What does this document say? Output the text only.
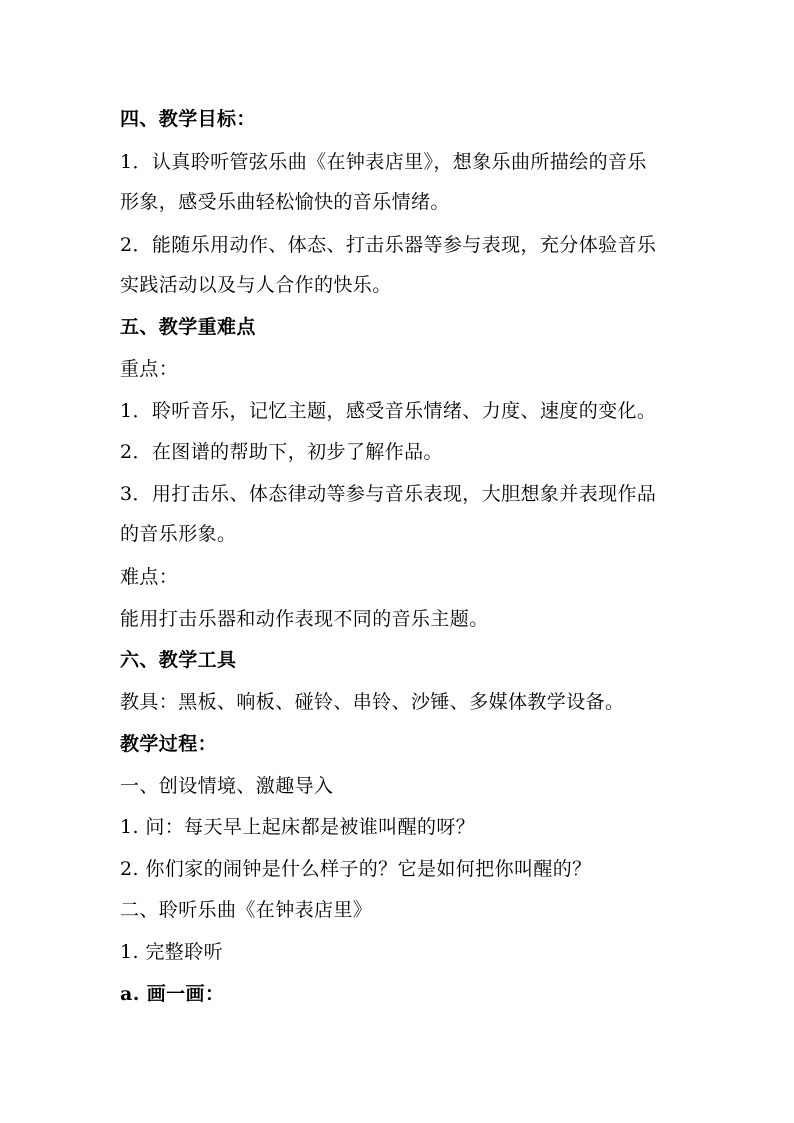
四、教学目标：
1．认真聆听管弦乐曲《在钟表店里》，想象乐曲所描绘的音乐
形象，感受乐曲轻松愉快的音乐情绪。
2．能随乐用动作、体态、打击乐器等参与表现，充分体验音乐
实践活动以及与人合作的快乐。
五、教学重难点
重点：
1．聆听音乐，记忆主题，感受音乐情绪、力度、速度的变化。
2．在图谱的帮助下，初步了解作品。
3．用打击乐、体态律动等参与音乐表现，大胆想象并表现作品
的音乐形象。
难点：
能用打击乐器和动作表现不同的音乐主题。
六、教学工具
教具：黑板、响板、碰铃、串铃、沙锤、多媒体教学设备。
教学过程：
一、创设情境、激趣导入
1. 问：每天早上起床都是被谁叫醒的呀？
2. 你们家的闹钟是什么样子的？它是如何把你叫醒的？
二、聆听乐曲《在钟表店里》
1. 完整聆听
a. 画一画：
